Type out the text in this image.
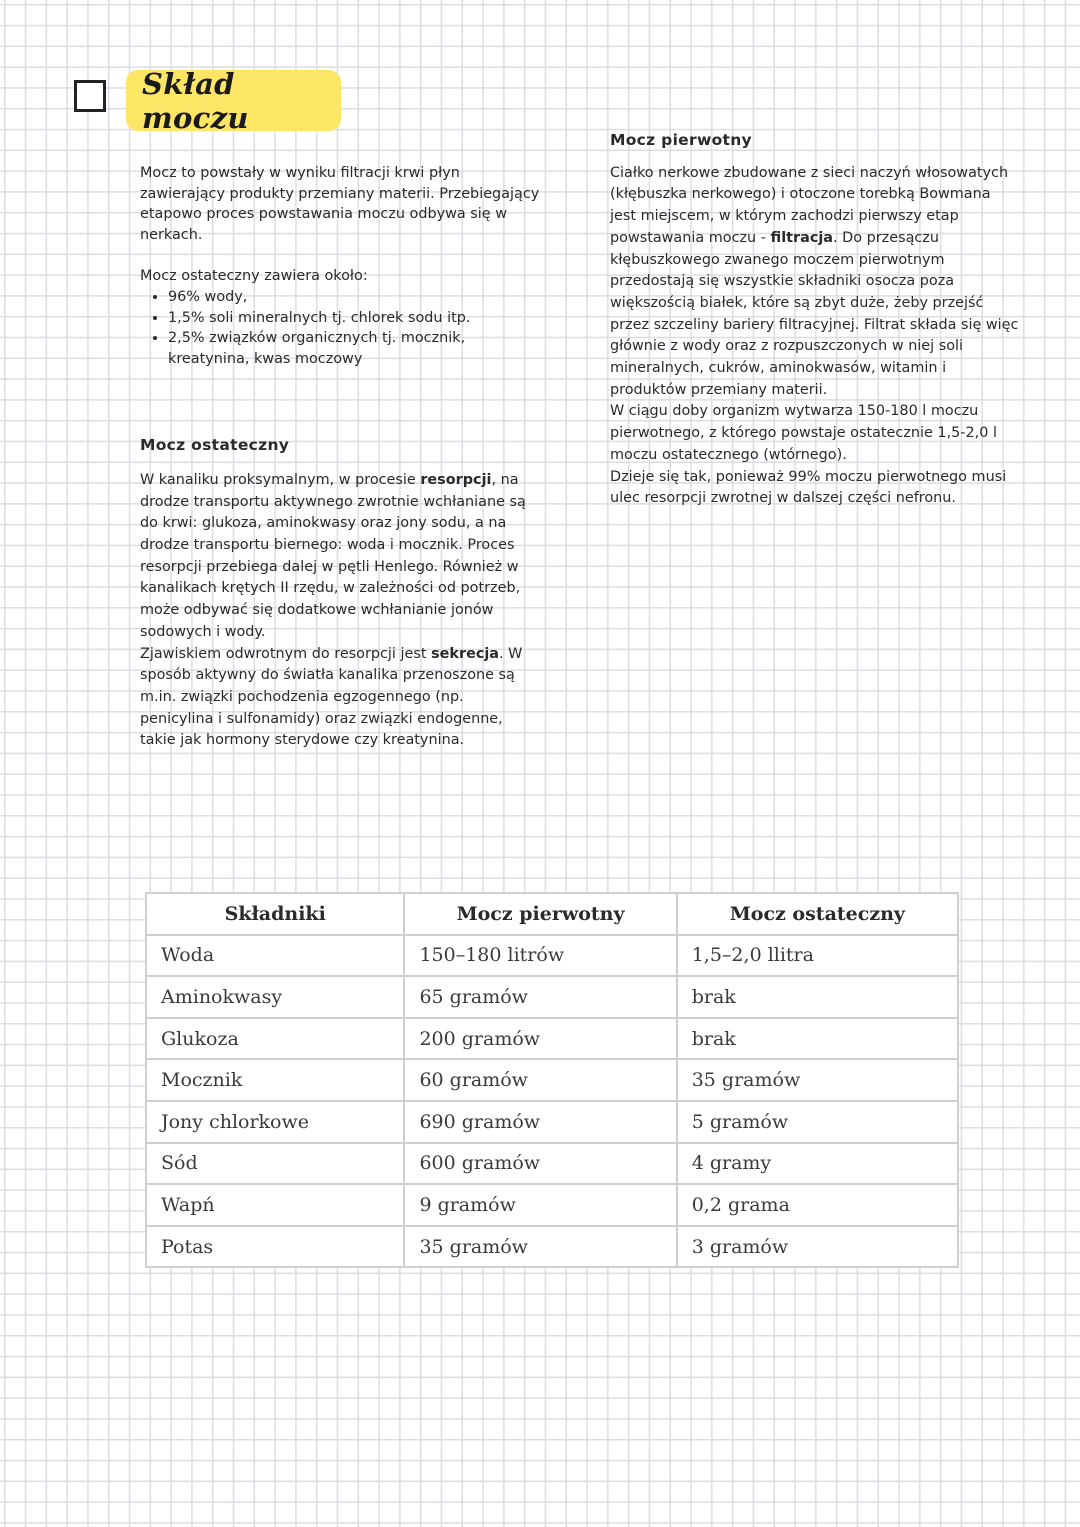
Skład moczu

Mocz to powstały w wyniku filtracji krwi płyn zawierający produkty przemiany materii. Przebiegający etapowo proces powstawania moczu odbywa się w nerkach.

Mocz ostateczny zawiera około:

• 96% wody,
• 1,5% soli mineralnych tj. chlorek sodu itp.
• 2,5% związków organicznych tj. mocznik, kreatynina, kwas moczowy

Mocz ostateczny

W kanaliku proksymalnym, w procesie resorpcji, na drodze transportu aktywnego zwrotnie wchłaniane są do krwi: glukoza, aminokwasy oraz jony sodu, a na drodze transportu biernego: woda i mocznik. Proces resorpcji przebiega dalej w pętli Henlego. Również w kanalikach krętych II rzędu, w zależności od potrzeb, może odbywać się dodatkowe wchłanianie jonów sodowych i wody.

Zjawiskiem odwrotnym do resorpcji jest sekrecja. W sposób aktywny do światła kanalika przenoszone są m.in. związki pochodzenia egzogennego (np. penicylina i sulfonamidy) oraz związki endogenne, takie jak hormony sterydowe czy kreatynina.

Mocz pierwotny

Ciałko nerkowe zbudowane z sieci naczyń włosowatych (kłębuszka nerkowego) i otoczone torebką Bowmana jest miejscem, w którym zachodzi pierwszy etap powstawania moczu - filtracja. Do przesączu kłębuszkowego zwanego moczem pierwotnym przedostają się wszystkie składniki osocza poza większością białek, które są zbyt duże, żeby przejść przez szczeliny bariery filtracyjnej. Filtrat składa się więc głównie z wody oraz z rozpuszczonych w niej soli mineralnych, cukrów, aminokwasów, witamin i produktów przemiany materii.

W ciągu doby organizm wytwarza 150-180 l moczu pierwotnego, z którego powstaje ostatecznie 1,5-2,0 l moczu ostatecznego (wtórnego).

Dzieje się tak, ponieważ 99% moczu pierwotnego musi ulec resorpcji zwrotnej w dalszej części nefronu.

Składniki	Mocz pierwotny	Mocz ostateczny
Woda	150–180 litrów	1,5–2,0 llitra
Aminokwasy	65 gramów	brak
Glukoza	200 gramów	brak
Mocznik	60 gramów	35 gramów
Jony chlorkowe	690 gramów	5 gramów
Sód	600 gramów	4 gramy
Wapń	9 gramów	0,2 grama
Potas	35 gramów	3 gramów
